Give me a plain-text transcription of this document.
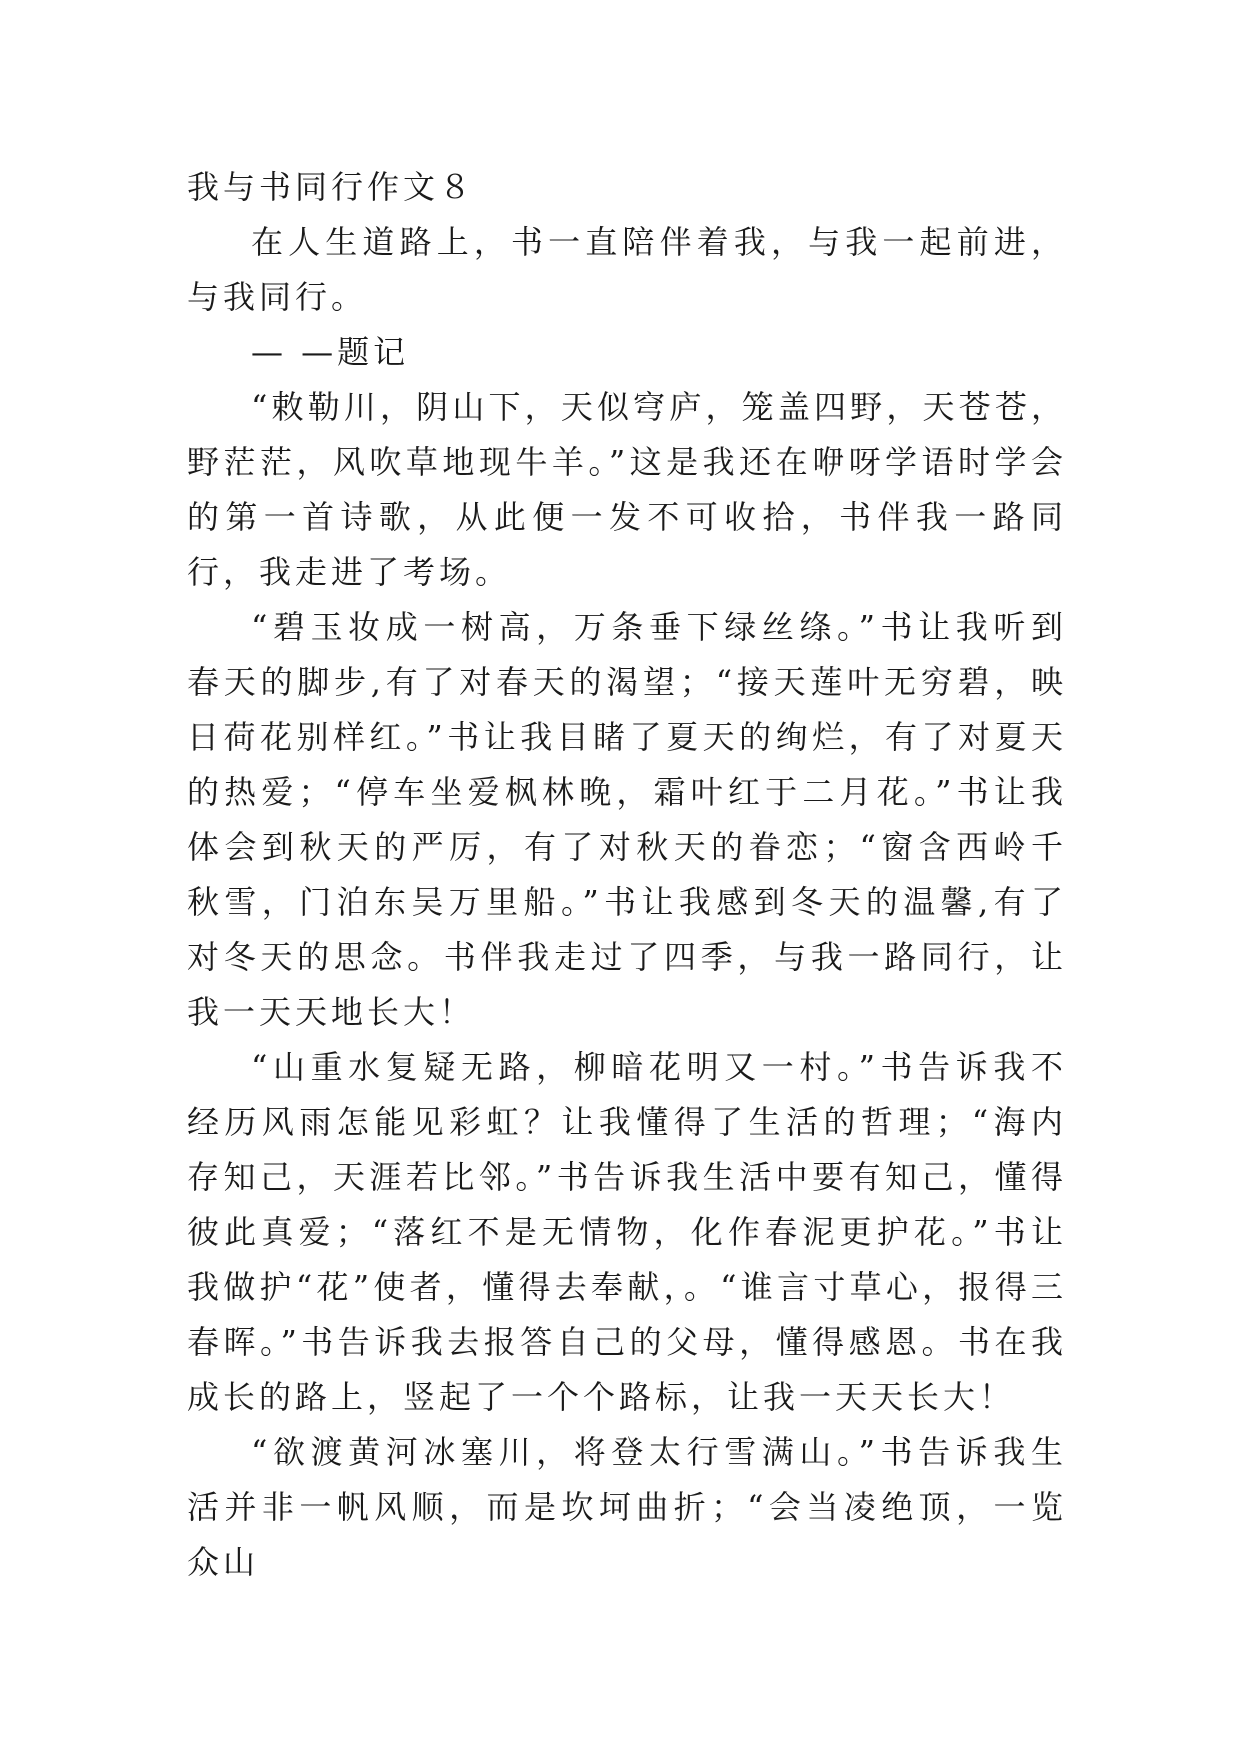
我与书同行作文８

在人生道路上，书一直陪伴着我，与我一起前进，与我同行。

— —题记

“敕勒川，阴山下，天似穹庐，笼盖四野，天苍苍，野茫茫，风吹草地现牛羊。”这是我还在咿呀学语时学会的第一首诗歌，从此便一发不可收拾，书伴我一路同行，我走进了考场。

“碧玉妆成一树高，万条垂下绿丝绦。”书让我听到春天的脚步,有了对春天的渴望；“接天莲叶无穷碧，映日荷花别样红。”书让我目睹了夏天的绚烂，有了对夏天的热爱；“停车坐爱枫林晚，霜叶红于二月花。”书让我体会到秋天的严厉，有了对秋天的眷恋；“窗含西岭千秋雪，门泊东吴万里船。”书让我感到冬天的温馨,有了对冬天的思念。书伴我走过了四季，与我一路同行，让我一天天地长大！

“山重水复疑无路，柳暗花明又一村。”书告诉我不经历风雨怎能见彩虹？让我懂得了生活的哲理；“海内存知己，天涯若比邻。”书告诉我生活中要有知己，懂得彼此真爱；“落红不是无情物，化作春泥更护花。”书让我做护“花”使者，懂得去奉献，。“谁言寸草心，报得三春晖。”书告诉我去报答自己的父母，懂得感恩。书在我成长的路上，竖起了一个个路标，让我一天天长大！

“欲渡黄河冰塞川，将登太行雪满山。”书告诉我生活并非一帆风顺，而是坎坷曲折；“会当凌绝顶，一览众山
